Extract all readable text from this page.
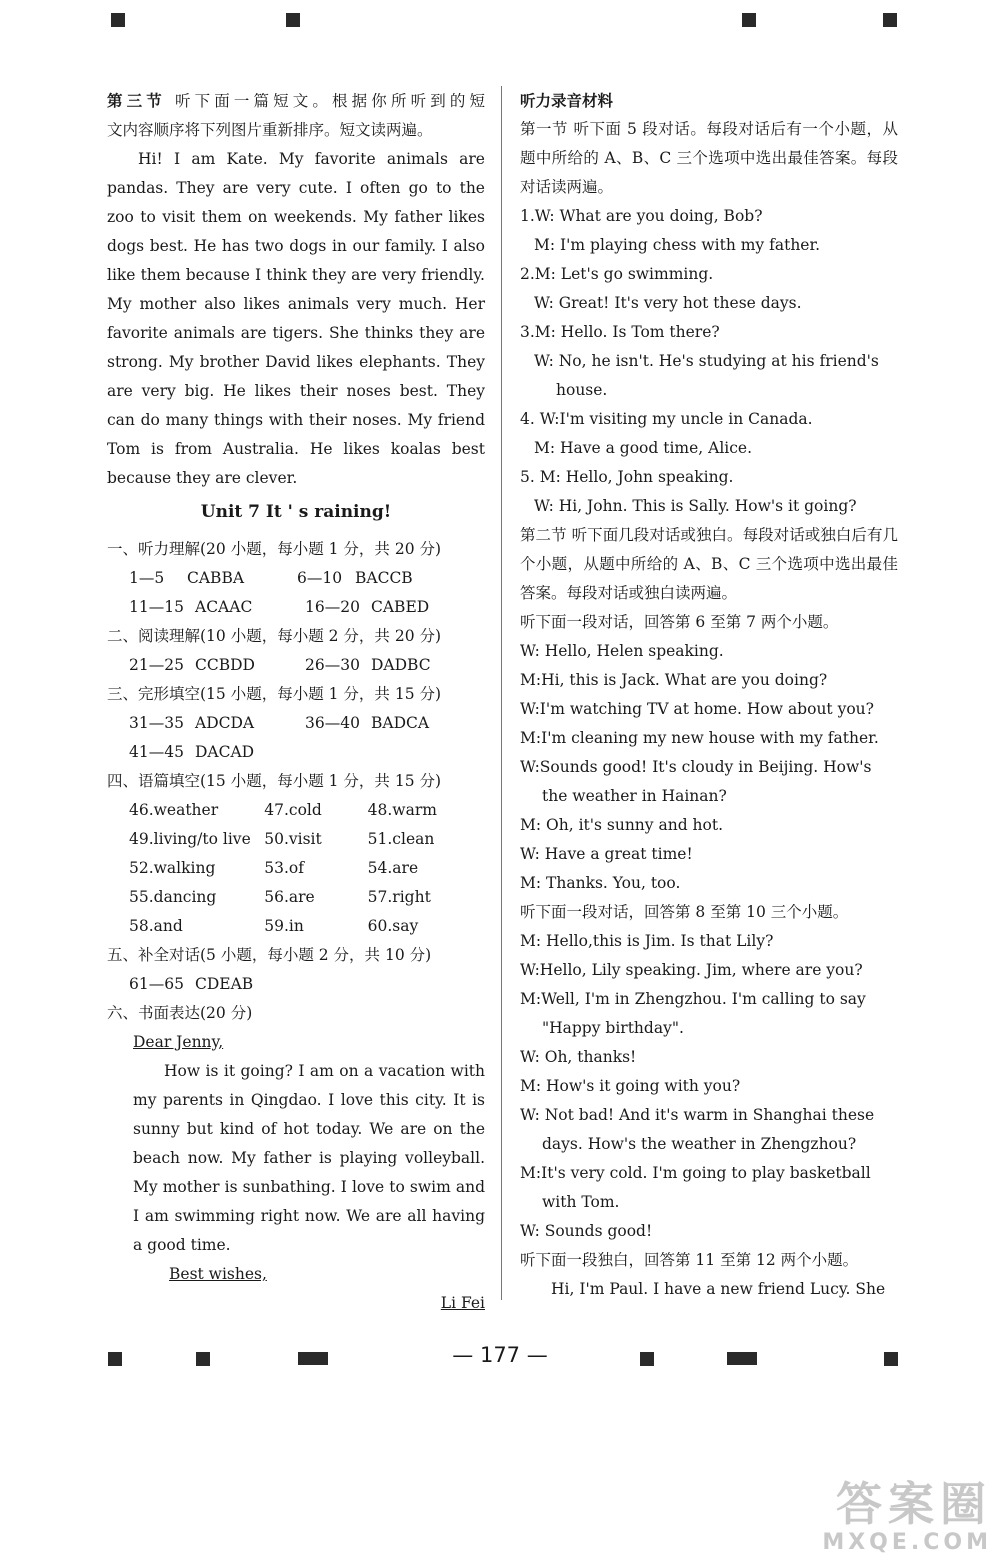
第三节 听下面一篇短文。根据你所听到的短

文内容顺序将下列图片重新排序。短文读两遍。

Hi! I am Kate. My favorite animals are pandas. They are very cute. I often go to the zoo to visit them on weekends. My father likes dogs best. He has two dogs in our family. I also like them because I think they are very friendly. My mother also likes animals very much. Her favorite animals are tigers. She thinks they are strong. My brother David likes elephants. They are very big. He likes their noses best. They can do many things with their noses. My friend Tom is from Australia. He likes koalas best because they are clever.

Unit 7 It ' s raining!

一、听力理解(20 小题，每小题 1 分，共 20 分)

1—5	CABBA	6—10 BACCB
11—15 ACAAC	16—20 CABED

二、阅读理解(10 小题，每小题 2 分，共 20 分)

21—25 CCBDD	26—30 DADBC

三、完形填空(15 小题，每小题 1 分，共 15 分)

31—35 ADCDA	36—40 BADCA
41—45 DACAD

四、语篇填空(15 小题，每小题 1 分，共 15 分)

46.weather	47.cold	48.warm
49.living/to live 50.visit	51.clean
52.walking	53.of	54.are
55.dancing	56.are	57.right
58.and	59.in	60.say

五、补全对话(5 小题，每小题 2 分，共 10 分)

61—65 CDEAB

六、书面表达(20 分)

Dear Jenny,

How is it going? I am on a vacation with my parents in Qingdao. I love this city. It is sunny but kind of hot today. We are on the beach now. My father is playing volleyball. My mother is sunbathing. I love to swim and I am swimming right now. We are all having a good time.

Best wishes,

Li Fei

听力录音材料

第一节 听下面 5 段对话。每段对话后有一个小题，从题中所给的 A、B、C 三个选项中选出最佳答案。每段对话读两遍。

1.W: What are you doing, Bob?

M: I'm playing chess with my father.

2.M: Let's go swimming.

W: Great! It's very hot these days.

3.M: Hello. Is Tom there?

W: No, he isn't. He's studying at his friend's house.

4. W:I'm visiting my uncle in Canada.

M: Have a good time, Alice.

5. M: Hello, John speaking.

W: Hi, John. This is Sally. How's it going?

第二节 听下面几段对话或独白。每段对话或独白后有几个小题，从题中所给的 A、B、C 三个选项中选出最佳答案。每段对话或独白读两遍。

听下面一段对话，回答第 6 至第 7 两个小题。

W: Hello, Helen speaking.

M:Hi, this is Jack. What are you doing?

W:I'm watching TV at home. How about you?

M:I'm cleaning my new house with my father.

W:Sounds good! It's cloudy in Beijing. How's the weather in Hainan?

M: Oh, it's sunny and hot.

W: Have a great time!

M: Thanks. You, too.

听下面一段对话，回答第 8 至第 10 三个小题。

M: Hello,this is Jim. Is that Lily?

W:Hello, Lily speaking. Jim, where are you?

M:Well, I'm in Zhengzhou. I'm calling to say "Happy birthday".

W: Oh, thanks!

M: How's it going with you?

W: Not bad! And it's warm in Shanghai these days. How's the weather in Zhengzhou?

M:It's very cold. I'm going to play basketball with Tom.

W: Sounds good!

听下面一段独白，回答第 11 至第 12 两个小题。

Hi, I'm Paul. I have a new friend Lucy. She

— 177 —
答案圈
MXQE.COM
